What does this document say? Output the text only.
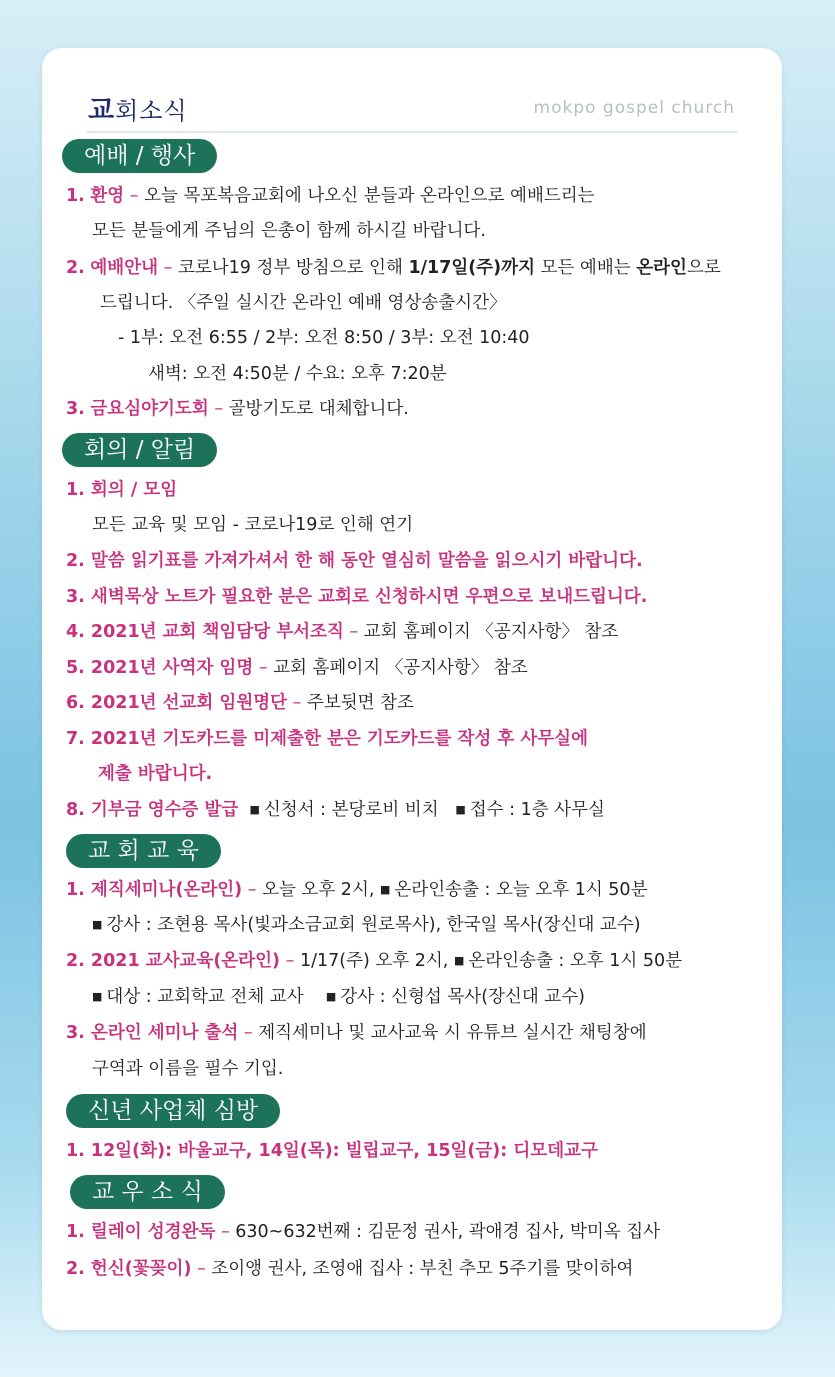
교회소식	mokpo gospel church
예배 / 행사
1. 환영 – 오늘 목포복음교회에 나오신 분들과 온라인으로 예배드리는
모든 분들에게 주님의 은총이 함께 하시길 바랍니다.
2. 예배안내 – 코로나19 정부 방침으로 인해 1/17일(주)까지 모든 예배는 온라인으로
드립니다. 〈주일 실시간 온라인 예배 영상송출시간〉
- 1부: 오전 6:55 / 2부: 오전 8:50 / 3부: 오전 10:40
새벽: 오전 4:50분 / 수요: 오후 7:20분
3. 금요심야기도회 – 골방기도로 대체합니다.
회의 / 알림
1. 회의 / 모임
모든 교육 및 모임 - 코로나19로 인해 연기
2. 말씀 읽기표를 가져가셔서 한 해 동안 열심히 말씀을 읽으시기 바랍니다.
3. 새벽묵상 노트가 필요한 분은 교회로 신청하시면 우편으로 보내드립니다.
4. 2021년 교회 책임담당 부서조직 – 교회 홈페이지 〈공지사항〉 참조
5. 2021년 사역자 임명 – 교회 홈페이지 〈공지사항〉 참조
6. 2021년 선교회 임원명단 – 주보뒷면 참조
7. 2021년 기도카드를 미제출한 분은 기도카드를 작성 후 사무실에
제출 바랍니다.
8. 기부금 영수증 발급 ■ 신청서 : 본당로비 비치 ■ 접수 : 1층 사무실
교 회 교 육
1. 제직세미나(온라인) – 오늘 오후 2시, ■ 온라인송출 : 오늘 오후 1시 50분
■ 강사 : 조현용 목사(빛과소금교회 원로목사), 한국일 목사(장신대 교수)
2. 2021 교사교육(온라인) – 1/17(주) 오후 2시, ■ 온라인송출 : 오후 1시 50분
■ 대상 : 교회학교 전체 교사 ■ 강사 : 신형섭 목사(장신대 교수)
3. 온라인 세미나 출석 – 제직세미나 및 교사교육 시 유튜브 실시간 채팅창에
구역과 이름을 필수 기입.
신년 사업체 심방
1. 12일(화): 바울교구, 14일(목): 빌립교구, 15일(금): 디모데교구
교 우 소 식
1. 릴레이 성경완독 – 630~632번째 : 김문정 권사, 곽애경 집사, 박미옥 집사
2. 헌신(꽃꽂이) – 조이앵 권사, 조영애 집사 : 부친 추모 5주기를 맞이하여
